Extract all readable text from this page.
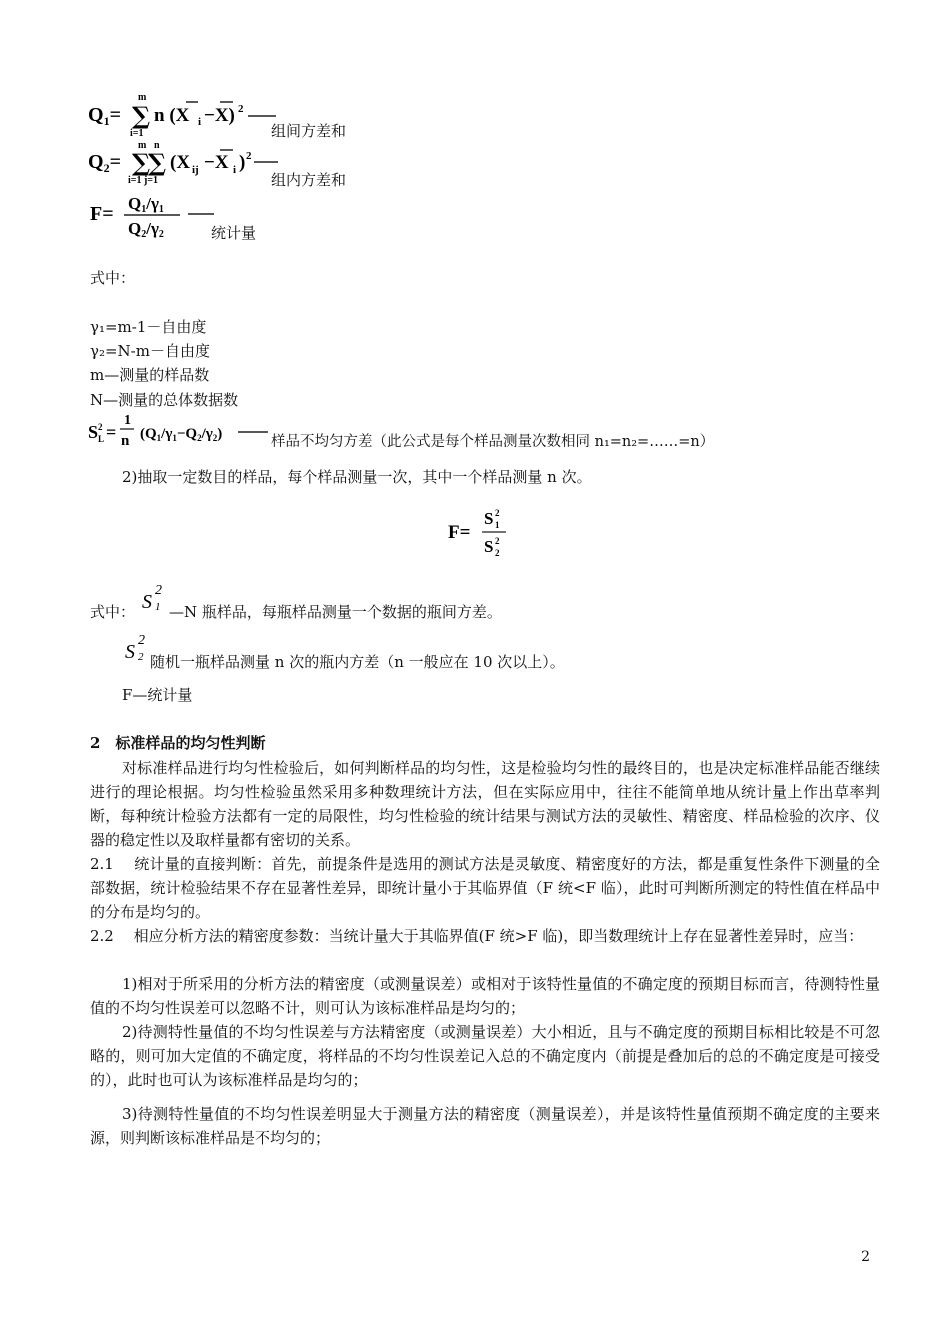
$Q_1=$
m
∑
i=1
n (X i −X) 2
组间方差和
$Q_2=$
m
∑
n
∑
i=1 j=1
(X ij −X i ) 2
组内方差和
F= Q1/γ1
Q2/γ2	统计量
式中：
γ₁=m-1－自由度
γ₂=N-m－自由度
m—测量的样品数
N—测量的总体数据数
S 2
L =
1
n $(Q_1/\gamma_1-Q_2/\gamma_2)$	样品不均匀方差（此公式是每个样品测量次数相同 n₁=n₂=……=n）
2)抽取一定数目的样品，每个样品测量一次，其中一个样品测量 n 次。
F=
S 2
1
S 2
2
式中： S
2
1 —N 瓶样品，每瓶样品测量一个数据的瓶间方差。
S
2
2 随机一瓶样品测量 n 次的瓶内方差（n 一般应在 10 次以上）。
F—统计量
2　标准样品的均匀性判断
对标准样品进行均匀性检验后，如何判断样品的均匀性，这是检验均匀性的最终目的，也是决定标准样品能否继续进行的理论根据。均匀性检验虽然采用多种数理统计方法，但在实际应用中，往往不能简单地从统计量上作出草率判断，每种统计检验方法都有一定的局限性，均匀性检验的统计结果与测试方法的灵敏性、精密度、样品检验的次序、仪器的稳定性以及取样量都有密切的关系。
2.1　 统计量的直接判断：首先，前提条件是选用的测试方法是灵敏度、精密度好的方法，都是重复性条件下测量的全部数据，统计检验结果不存在显著性差异，即统计量小于其临界值（F 统<F 临），此时可判断所测定的特性值在样品中的分布是均匀的。
2.2　 相应分析方法的精密度参数：当统计量大于其临界值(F 统>F 临)，即当数理统计上存在显著性差异时，应当：
1)相对于所采用的分析方法的精密度（或测量误差）或相对于该特性量值的不确定度的预期目标而言，待测特性量值的不均匀性误差可以忽略不计，则可认为该标准样品是均匀的；
2)待测特性量值的不均匀性误差与方法精密度（或测量误差）大小相近，且与不确定度的预期目标相比较是不可忽略的，则可加大定值的不确定度，将样品的不均匀性误差记入总的不确定度内（前提是叠加后的总的不确定度是可接受的），此时也可认为该标准样品是均匀的；
3)待测特性量值的不均匀性误差明显大于测量方法的精密度（测量误差），并是该特性量值预期不确定度的主要来源，则判断该标准样品是不均匀的；
2
